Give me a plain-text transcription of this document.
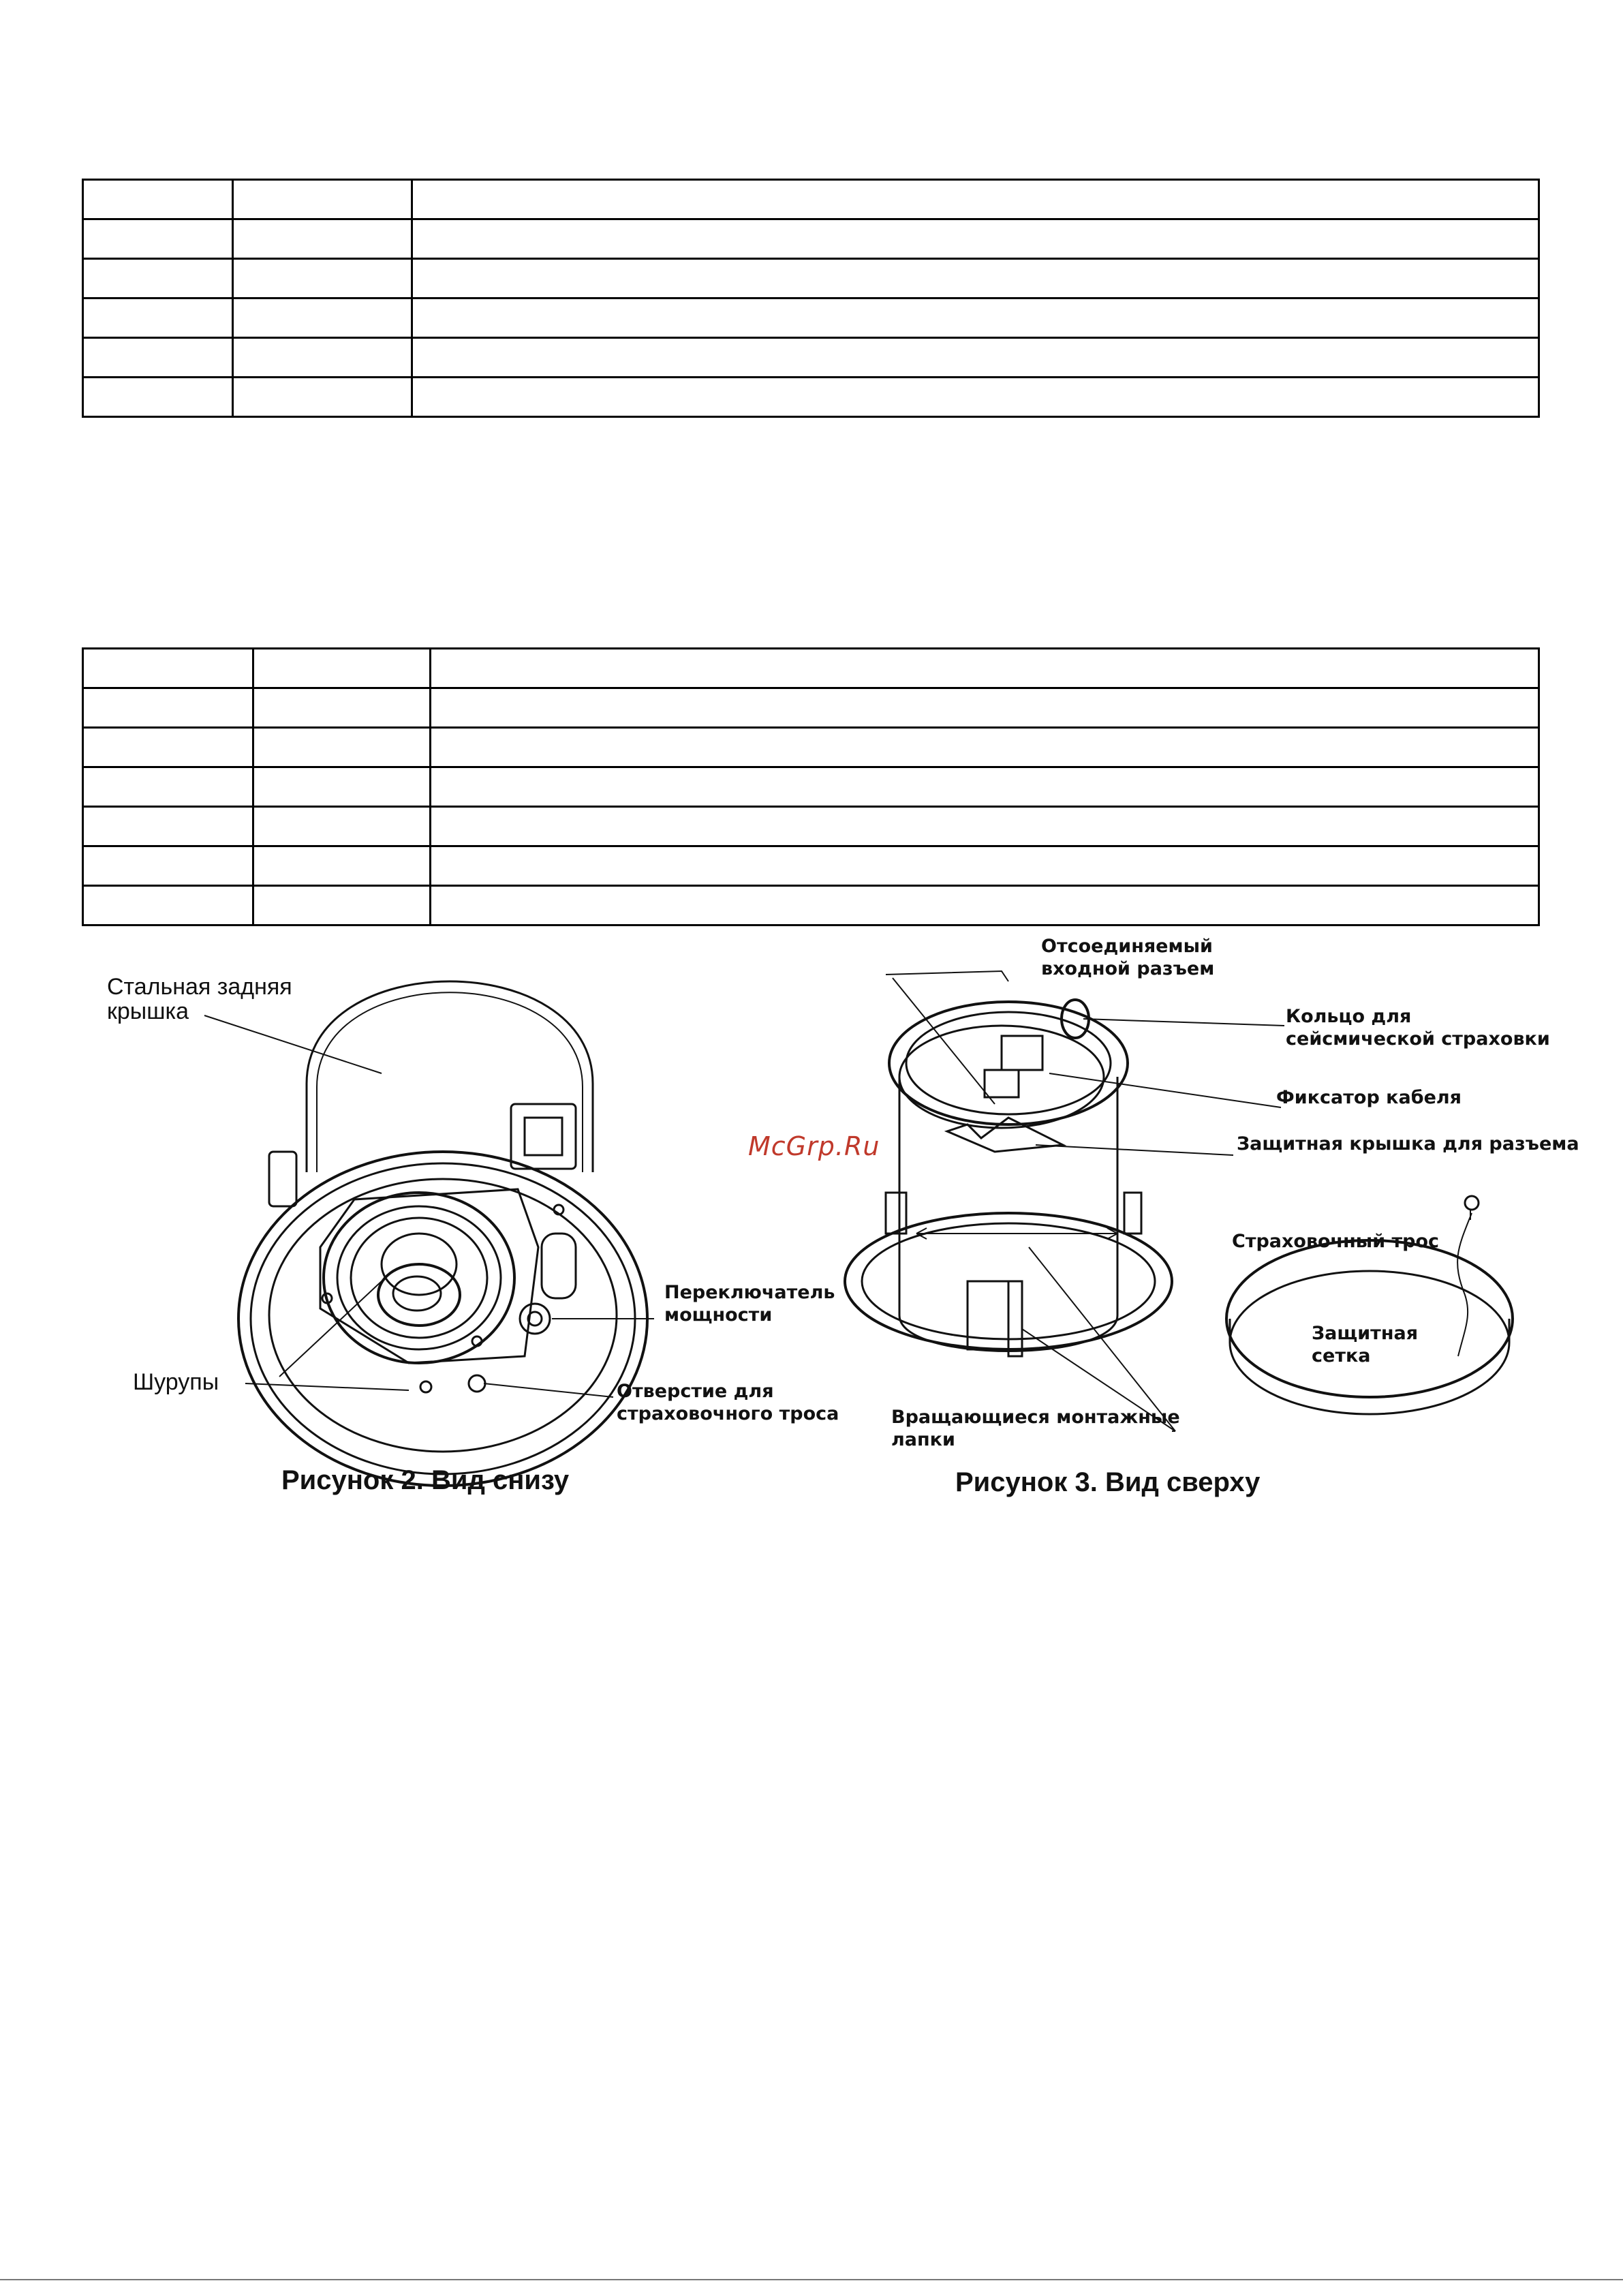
Стальная задняя
крышка
Шурупы
Переключатель
мощности
Отверстие для
страховочного троса
Рисунок 2. Вид снизу
Отсоединяемый
входной разъем
Кольцо для
сейсмической страховки
Фиксатор кабеля
Защитная крышка для разъема
Страховочный трос
Защитная
сетка
Вращающиеся монтажные
лапки
Рисунок 3. Вид сверху
McGrp.Ru
